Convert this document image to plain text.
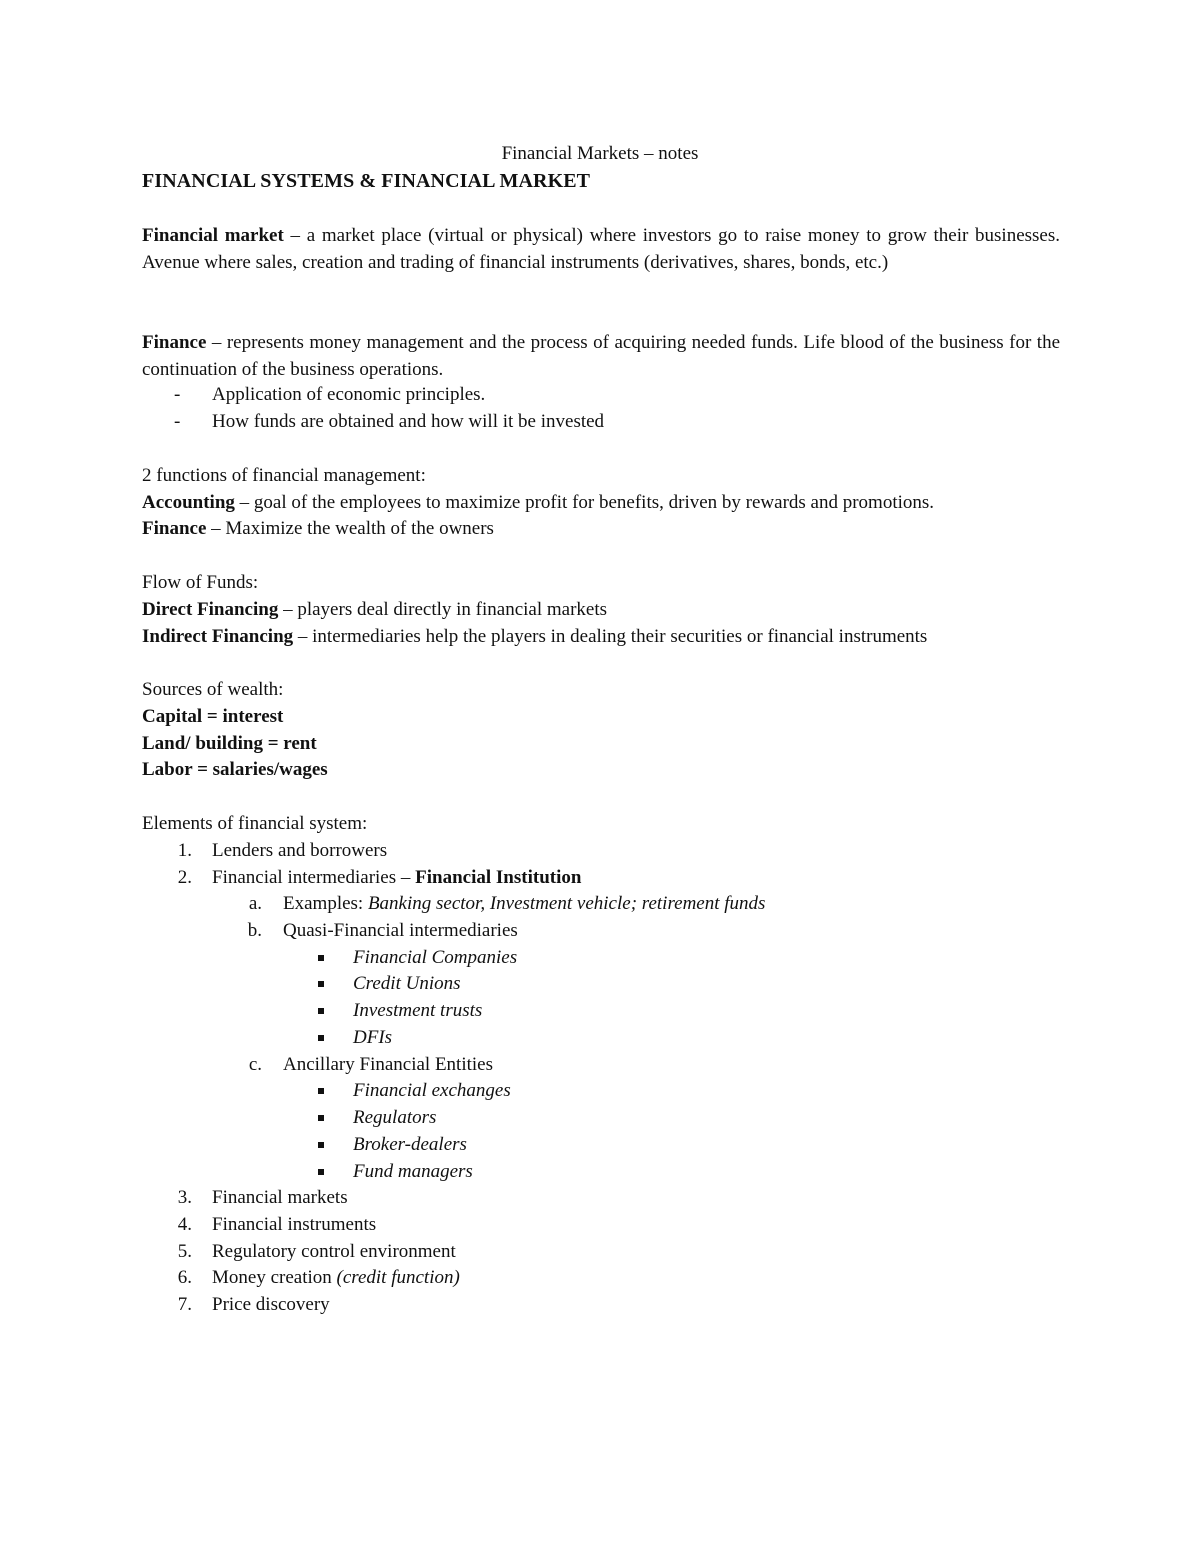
Financial Markets – notes
FINANCIAL SYSTEMS & FINANCIAL MARKET
Financial market – a market place (virtual or physical) where investors go to raise money to grow their businesses. Avenue where sales, creation and trading of financial instruments (derivatives, shares, bonds, etc.)
Finance – represents money management and the process of acquiring needed funds. Life blood of the business for the continuation of the business operations.
- Application of economic principles.
- How funds are obtained and how will it be invested
2 functions of financial management:
Accounting – goal of the employees to maximize profit for benefits, driven by rewards and promotions.
Finance – Maximize the wealth of the owners
Flow of Funds:
Direct Financing – players deal directly in financial markets
Indirect Financing – intermediaries help the players in dealing their securities or financial instruments
Sources of wealth:
Capital = interest
Land/ building = rent
Labor = salaries/wages
Elements of financial system:
1. Lenders and borrowers
2. Financial intermediaries – Financial Institution
a. Examples: Banking sector, Investment vehicle; retirement funds
b. Quasi-Financial intermediaries
Financial Companies
Credit Unions
Investment trusts
DFIs
c. Ancillary Financial Entities
Financial exchanges
Regulators
Broker-dealers
Fund managers
3. Financial markets
4. Financial instruments
5. Regulatory control environment
6. Money creation (credit function)
7. Price discovery
